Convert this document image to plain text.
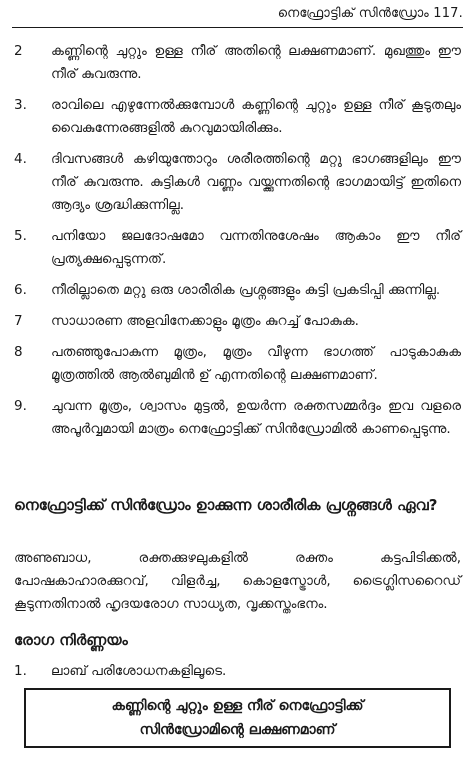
നെഫ്രോട്ടിക് സിൻഡ്രോം 117.
2	കണ്ണിന്റെ ചുറ്റും ഉള്ള നീര് അതിന്റെ ലക്ഷണമാണ്. മുഖത്തും ഈ നീര് കുവരുന്നു.
3.	രാവിലെ എഴുന്നേൽക്കുമ്പോൾ കണ്ണിന്റെ ചുറ്റും ഉള്ള നീര് കൂടുതലും വൈകുന്നേരങ്ങളിൽ കുറവുമായിരിക്കും.
4.	ദിവസങ്ങൾ കഴിയുന്തോറും ശരീരത്തിന്റെ മറ്റു ഭാഗങ്ങളിലും ഈ നീര് കുവരുന്നു. കുട്ടികൾ വണ്ണം വയ്ക്കുന്നതിന്റെ ഭാഗമായിട്ട് ഇതിനെ ആദ്യം ശ്രദ്ധിക്കുന്നില്ല.
5.	പനിയോ ജലദോഷമോ വന്നതിനുശേഷം ആകാം ഈ നീര് പ്രത്യക്ഷപ്പെടുന്നത്.
6.	നീരില്ലാതെ മറ്റു ഒരു ശാരീരിക പ്രശ്നങ്ങളും കുട്ടി പ്രകടിപ്പി ക്കുന്നില്ല.
7	സാധാരണ അളവിനേക്കാളും മൂത്രം കുറച്ച് പോകുക.
8	പതഞ്ഞുപോകുന്ന മൂത്രം, മൂത്രം വീഴുന്ന ഭാഗത്ത് പാടുകാകുക മൂത്രത്തിൽ ആൽബുമിൻ ഉ് എന്നതിന്റെ ലക്ഷണമാണ്.
9.	ചുവന്ന മൂത്രം, ശ്വാസം മുട്ടൽ, ഉയർന്ന രക്തസമ്മർദ്ദം ഇവ വളരെ അപൂർവ്വമായി മാത്രം നെഫ്രോട്ടിക്ക് സിൻഡ്രോമിൽ കാണപ്പെടുന്നു.
നെഫ്രോട്ടിക്ക് സിൻഡ്രോം ഉാക്കുന്ന ശാരീരിക പ്രശ്നങ്ങൾ ഏവ?
അണുബാധ, രക്തക്കുഴലുകളിൽ രക്തം കട്ടപിടിക്കൽ, പോഷകാഹാരക്കുറവ്, വിളർച്ച, കൊളസ്ട്രോൾ, ട്രൈഗ്ലിസറൈഡ് കൂടുന്നതിനാൽ ഹൃദയരോഗ സാധ്യത, വൃക്കസ്തംഭനം.
രോഗ നിർണ്ണയം
1.	ലാബ് പരിശോധനകളിലൂടെ.
കണ്ണിന്റെ ചുറ്റും ഉള്ള നീര് നെഫ്രോട്ടിക്ക്
സിൻഡ്രോമിന്റെ ലക്ഷണമാണ്
